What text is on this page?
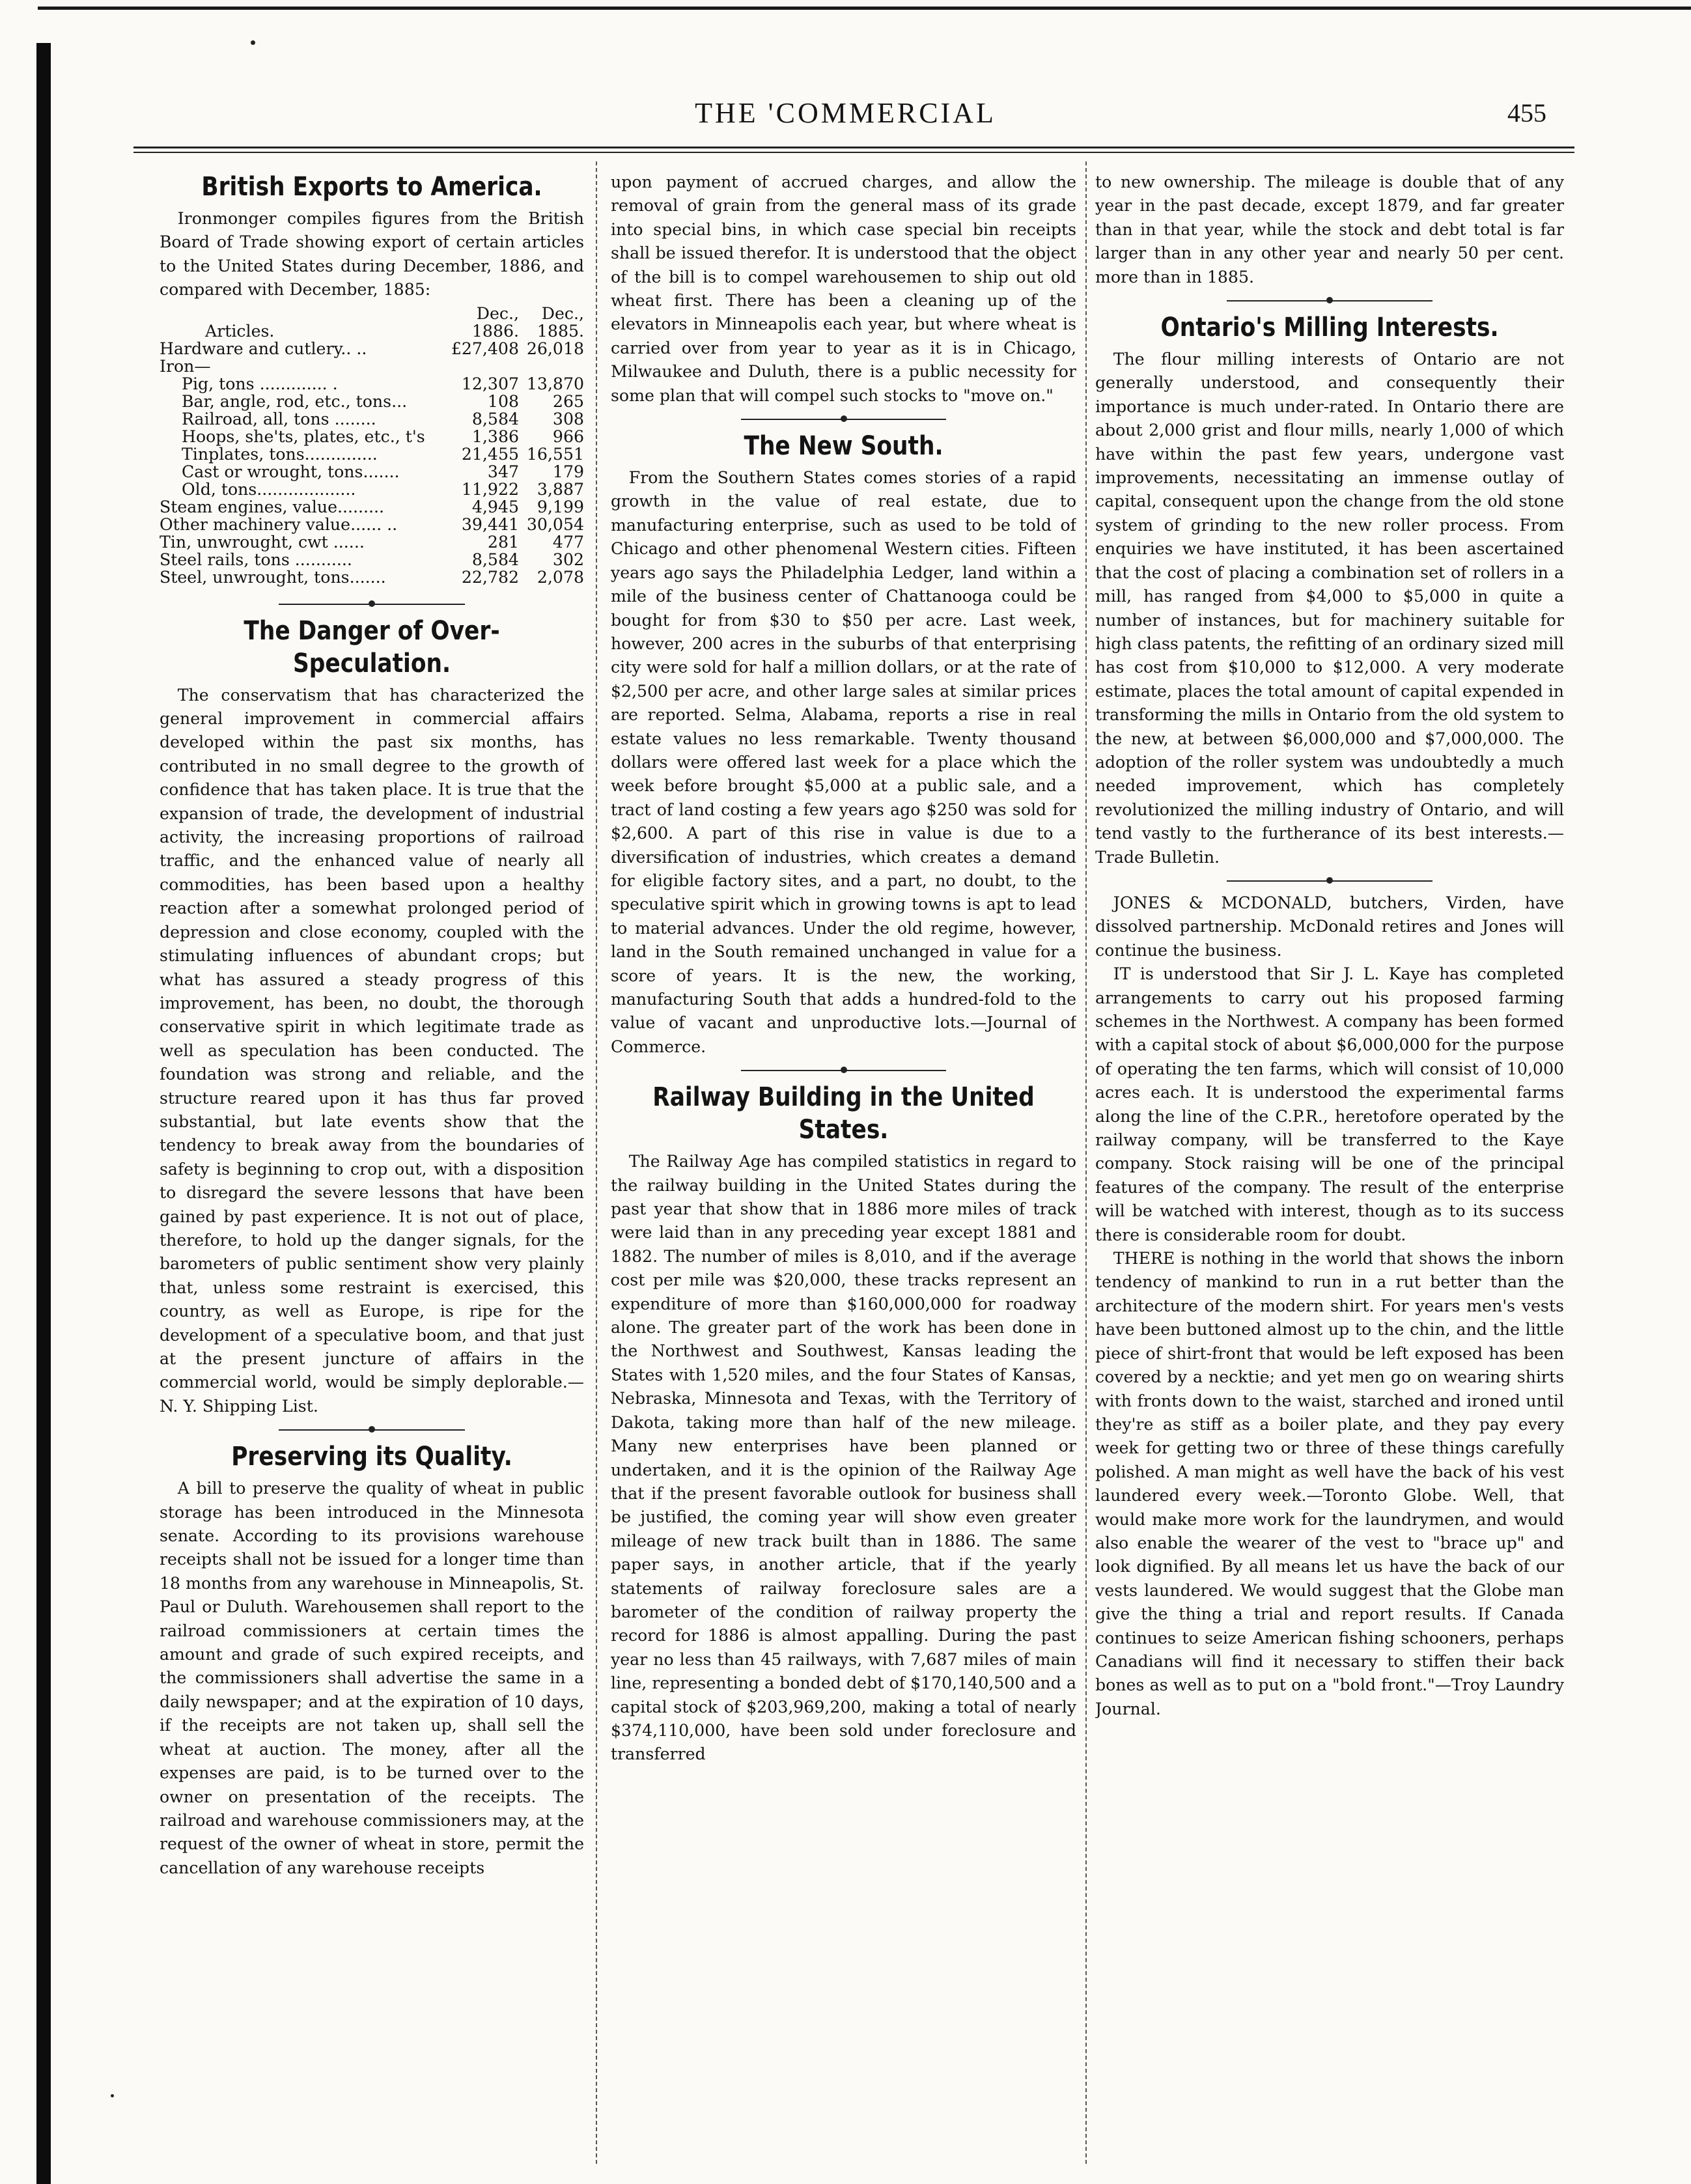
THE 'COMMERCIAL	455
British Exports to America.

Ironmonger compiles figures from the British Board of Trade showing export of certain articles to the United States during December, 1886, and compared with December, 1885:

	Dec.,	Dec.,
Articles.	1886.	1885.
Hardware and cutlery.. ..	£27,408	26,018
Iron—		
Pig, tons ............. .	12,307	13,870
Bar, angle, rod, etc., tons...	108	265
Railroad, all, tons ........	8,584	308
Hoops, she'ts, plates, etc., t's	1,386	966
Tinplates, tons..............	21,455	16,551
Cast or wrought, tons.......	347	179
Old, tons...................	11,922	3,887
Steam engines, value.........	4,945	9,199
Other machinery value...... ..	39,441	30,054
Tin, unwrought, cwt ......	281	477
Steel rails, tons ...........	8,584	302
Steel, unwrought, tons.......	22,782	2,078
The Danger of Over-Speculation.

The conservatism that has characterized the general improvement in commercial affairs developed within the past six months, has contributed in no small degree to the growth of confidence that has taken place. It is true that the expansion of trade, the development of industrial activity, the increasing proportions of railroad traffic, and the enhanced value of nearly all commodities, has been based upon a healthy reaction after a somewhat prolonged period of depression and close economy, coupled with the stimulating influences of abundant crops; but what has assured a steady progress of this improvement, has been, no doubt, the thorough conservative spirit in which legitimate trade as well as speculation has been conducted. The foundation was strong and reliable, and the structure reared upon it has thus far proved substantial, but late events show that the tendency to break away from the boundaries of safety is beginning to crop out, with a disposition to disregard the severe lessons that have been gained by past experience. It is not out of place, therefore, to hold up the danger signals, for the barometers of public sentiment show very plainly that, unless some restraint is exercised, this country, as well as Europe, is ripe for the development of a speculative boom, and that just at the present juncture of affairs in the commercial world, would be simply deplorable.—N. Y. Shipping List.

Preserving its Quality.

A bill to preserve the quality of wheat in public storage has been introduced in the Minnesota senate. According to its provisions warehouse receipts shall not be issued for a longer time than 18 months from any warehouse in Minneapolis, St. Paul or Duluth. Warehousemen shall report to the railroad commissioners at certain times the amount and grade of such expired receipts, and the commissioners shall advertise the same in a daily newspaper; and at the expiration of 10 days, if the receipts are not taken up, shall sell the wheat at auction. The money, after all the expenses are paid, is to be turned over to the owner on presentation of the receipts. The railroad and warehouse commissioners may, at the request of the owner of wheat in store, permit the cancellation of any warehouse receipts

upon payment of accrued charges, and allow the removal of grain from the general mass of its grade into special bins, in which case special bin receipts shall be issued therefor. It is understood that the object of the bill is to compel warehousemen to ship out old wheat first. There has been a cleaning up of the elevators in Minneapolis each year, but where wheat is carried over from year to year as it is in Chicago, Milwaukee and Duluth, there is a public necessity for some plan that will compel such stocks to "move on."

The New South.

From the Southern States comes stories of a rapid growth in the value of real estate, due to manufacturing enterprise, such as used to be told of Chicago and other phenomenal Western cities. Fifteen years ago says the Philadelphia Ledger, land within a mile of the business center of Chattanooga could be bought for from $30 to $50 per acre. Last week, however, 200 acres in the suburbs of that enterprising city were sold for half a million dollars, or at the rate of $2,500 per acre, and other large sales at similar prices are reported. Selma, Alabama, reports a rise in real estate values no less remarkable. Twenty thousand dollars were offered last week for a place which the week before brought $5,000 at a public sale, and a tract of land costing a few years ago $250 was sold for $2,600. A part of this rise in value is due to a diversification of industries, which creates a demand for eligible factory sites, and a part, no doubt, to the speculative spirit which in growing towns is apt to lead to material advances. Under the old regime, however, land in the South remained unchanged in value for a score of years. It is the new, the working, manufacturing South that adds a hundred-fold to the value of vacant and unproductive lots.—Journal of Commerce.

Railway Building in the United States.

The Railway Age has compiled statistics in regard to the railway building in the United States during the past year that show that in 1886 more miles of track were laid than in any preceding year except 1881 and 1882. The number of miles is 8,010, and if the average cost per mile was $20,000, these tracks represent an expenditure of more than $160,000,000 for roadway alone. The greater part of the work has been done in the Northwest and Southwest, Kansas leading the States with 1,520 miles, and the four States of Kansas, Nebraska, Minnesota and Texas, with the Territory of Dakota, taking more than half of the new mileage. Many new enterprises have been planned or undertaken, and it is the opinion of the Railway Age that if the present favorable outlook for business shall be justified, the coming year will show even greater mileage of new track built than in 1886. The same paper says, in another article, that if the yearly statements of railway foreclosure sales are a barometer of the condition of railway property the record for 1886 is almost appalling. During the past year no less than 45 railways, with 7,687 miles of main line, representing a bonded debt of $170,140,500 and a capital stock of $203,969,200, making a total of nearly $374,110,000, have been sold under foreclosure and transferred

to new ownership. The mileage is double that of any year in the past decade, except 1879, and far greater than in that year, while the stock and debt total is far larger than in any other year and nearly 50 per cent. more than in 1885.

Ontario's Milling Interests.

The flour milling interests of Ontario are not generally understood, and consequently their importance is much under-rated. In Ontario there are about 2,000 grist and flour mills, nearly 1,000 of which have within the past few years, undergone vast improvements, necessitating an immense outlay of capital, consequent upon the change from the old stone system of grinding to the new roller process. From enquiries we have instituted, it has been ascertained that the cost of placing a combination set of rollers in a mill, has ranged from $4,000 to $5,000 in quite a number of instances, but for machinery suitable for high class patents, the refitting of an ordinary sized mill has cost from $10,000 to $12,000. A very moderate estimate, places the total amount of capital expended in transforming the mills in Ontario from the old system to the new, at between $6,000,000 and $7,000,000. The adoption of the roller system was undoubtedly a much needed improvement, which has completely revolutionized the milling industry of Ontario, and will tend vastly to the furtherance of its best interests.—Trade Bulletin.

JONES & MCDONALD, butchers, Virden, have dissolved partnership. McDonald retires and Jones will continue the business.

IT is understood that Sir J. L. Kaye has completed arrangements to carry out his proposed farming schemes in the Northwest. A company has been formed with a capital stock of about $6,000,000 for the purpose of operating the ten farms, which will consist of 10,000 acres each. It is understood the experimental farms along the line of the C.P.R., heretofore operated by the railway company, will be transferred to the Kaye company. Stock raising will be one of the principal features of the company. The result of the enterprise will be watched with interest, though as to its success there is considerable room for doubt.

THERE is nothing in the world that shows the inborn tendency of mankind to run in a rut better than the architecture of the modern shirt. For years men's vests have been buttoned almost up to the chin, and the little piece of shirt-front that would be left exposed has been covered by a necktie; and yet men go on wearing shirts with fronts down to the waist, starched and ironed until they're as stiff as a boiler plate, and they pay every week for getting two or three of these things carefully polished. A man might as well have the back of his vest laundered every week.—Toronto Globe. Well, that would make more work for the laundrymen, and would also enable the wearer of the vest to "brace up" and look dignified. By all means let us have the back of our vests laundered. We would suggest that the Globe man give the thing a trial and report results. If Canada continues to seize American fishing schooners, perhaps Canadians will find it necessary to stiffen their back bones as well as to put on a "bold front."—Troy Laundry Journal.
